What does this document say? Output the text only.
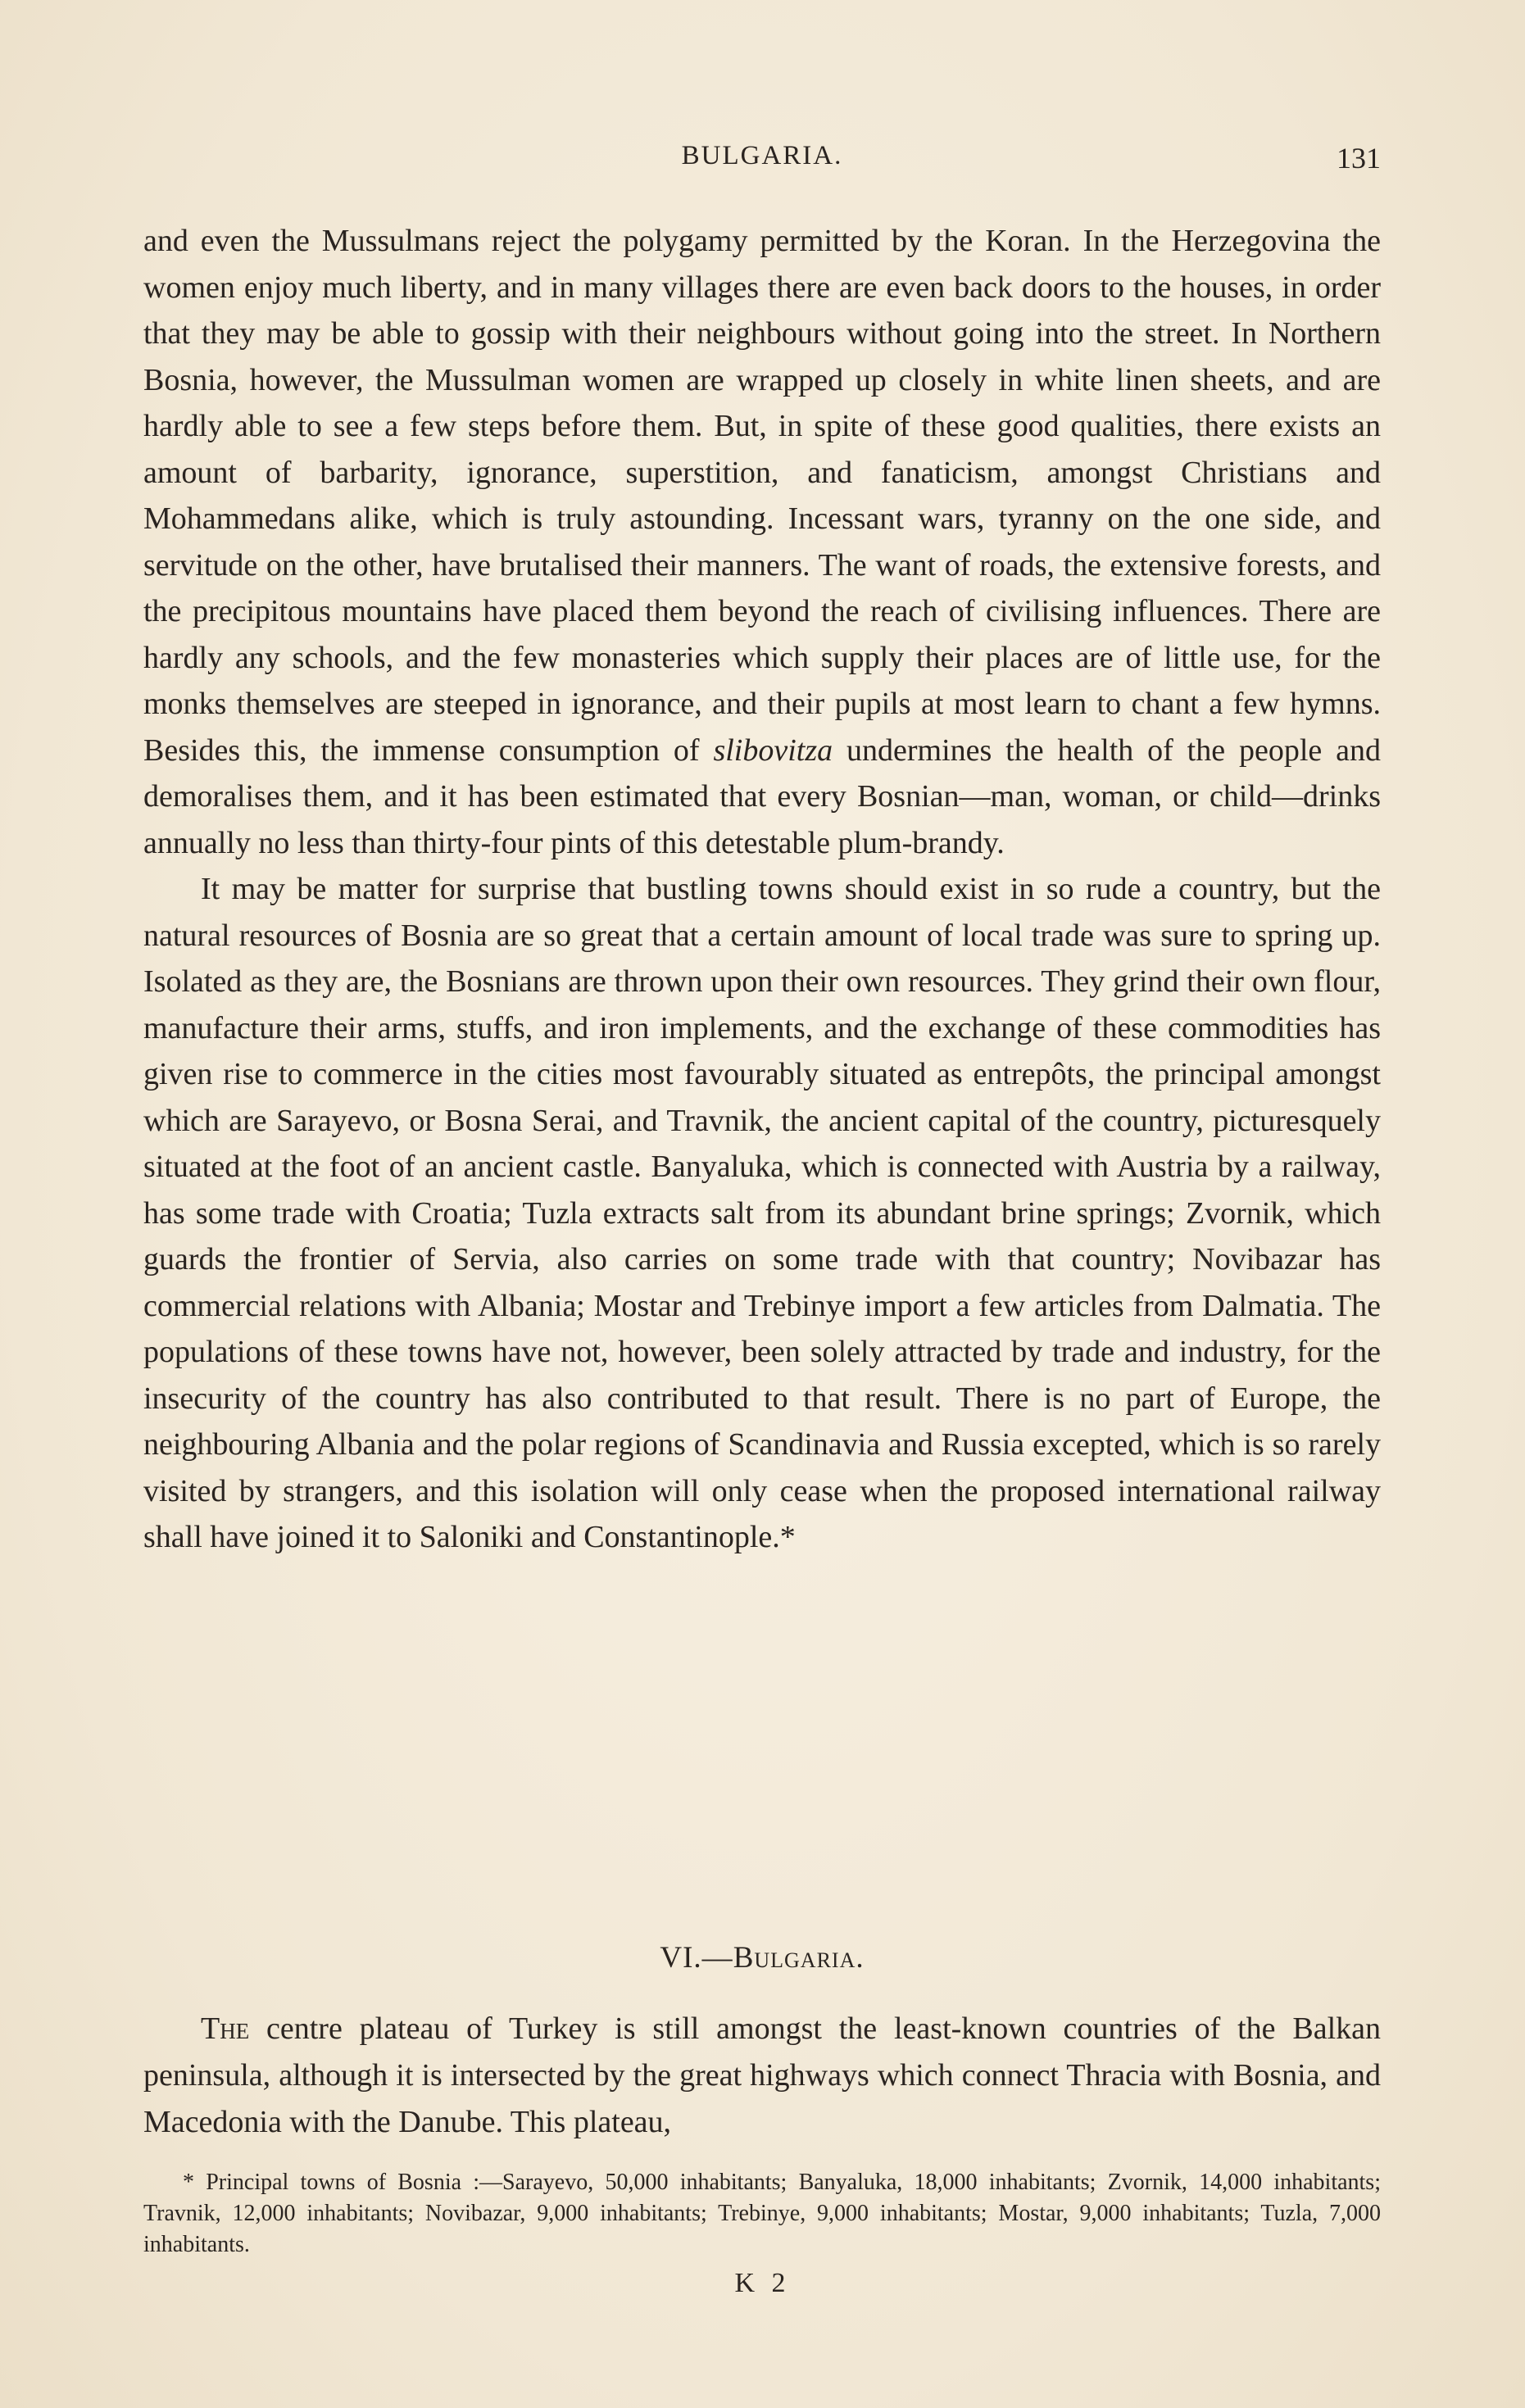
BULGARIA.	131

and even the Mussulmans reject the polygamy permitted by the Koran. In the Herzegovina the women enjoy much liberty, and in many villages there are even back doors to the houses, in order that they may be able to gossip with their neighbours without going into the street. In Northern Bosnia, however, the Mussulman women are wrapped up closely in white linen sheets, and are hardly able to see a few steps before them. But, in spite of these good qualities, there exists an amount of barbarity, ignorance, superstition, and fanaticism, amongst Christians and Mohammedans alike, which is truly astounding. Incessant wars, tyranny on the one side, and servitude on the other, have brutalised their manners. The want of roads, the extensive forests, and the precipitous mountains have placed them beyond the reach of civilising influences. There are hardly any schools, and the few monasteries which supply their places are of little use, for the monks themselves are steeped in ignorance, and their pupils at most learn to chant a few hymns. Besides this, the immense consumption of slibovitza undermines the health of the people and demoralises them, and it has been estimated that every Bosnian—man, woman, or child—drinks annually no less than thirty-four pints of this detestable plum-brandy.

It may be matter for surprise that bustling towns should exist in so rude a country, but the natural resources of Bosnia are so great that a certain amount of local trade was sure to spring up. Isolated as they are, the Bosnians are thrown upon their own resources. They grind their own flour, manufacture their arms, stuffs, and iron implements, and the exchange of these commodities has given rise to commerce in the cities most favourably situated as entrepôts, the principal amongst which are Sarayevo, or Bosna Serai, and Travnik, the ancient capital of the country, picturesquely situated at the foot of an ancient castle. Banyaluka, which is connected with Austria by a railway, has some trade with Croatia; Tuzla extracts salt from its abundant brine springs; Zvornik, which guards the frontier of Servia, also carries on some trade with that country; Novibazar has commercial relations with Albania; Mostar and Trebinye import a few articles from Dalmatia. The populations of these towns have not, however, been solely attracted by trade and industry, for the insecurity of the country has also contributed to that result. There is no part of Europe, the neighbouring Albania and the polar regions of Scandinavia and Russia excepted, which is so rarely visited by strangers, and this isolation will only cease when the proposed international railway shall have joined it to Saloniki and Constantinople.*

VI.—Bulgaria.

The centre plateau of Turkey is still amongst the least-known countries of the Balkan peninsula, although it is intersected by the great highways which connect Thracia with Bosnia, and Macedonia with the Danube. This plateau,

* Principal towns of Bosnia :—Sarayevo, 50,000 inhabitants; Banyaluka, 18,000 inhabitants; Zvornik, 14,000 inhabitants; Travnik, 12,000 inhabitants; Novibazar, 9,000 inhabitants; Trebinye, 9,000 inhabitants; Mostar, 9,000 inhabitants; Tuzla, 7,000 inhabitants.
K 2
